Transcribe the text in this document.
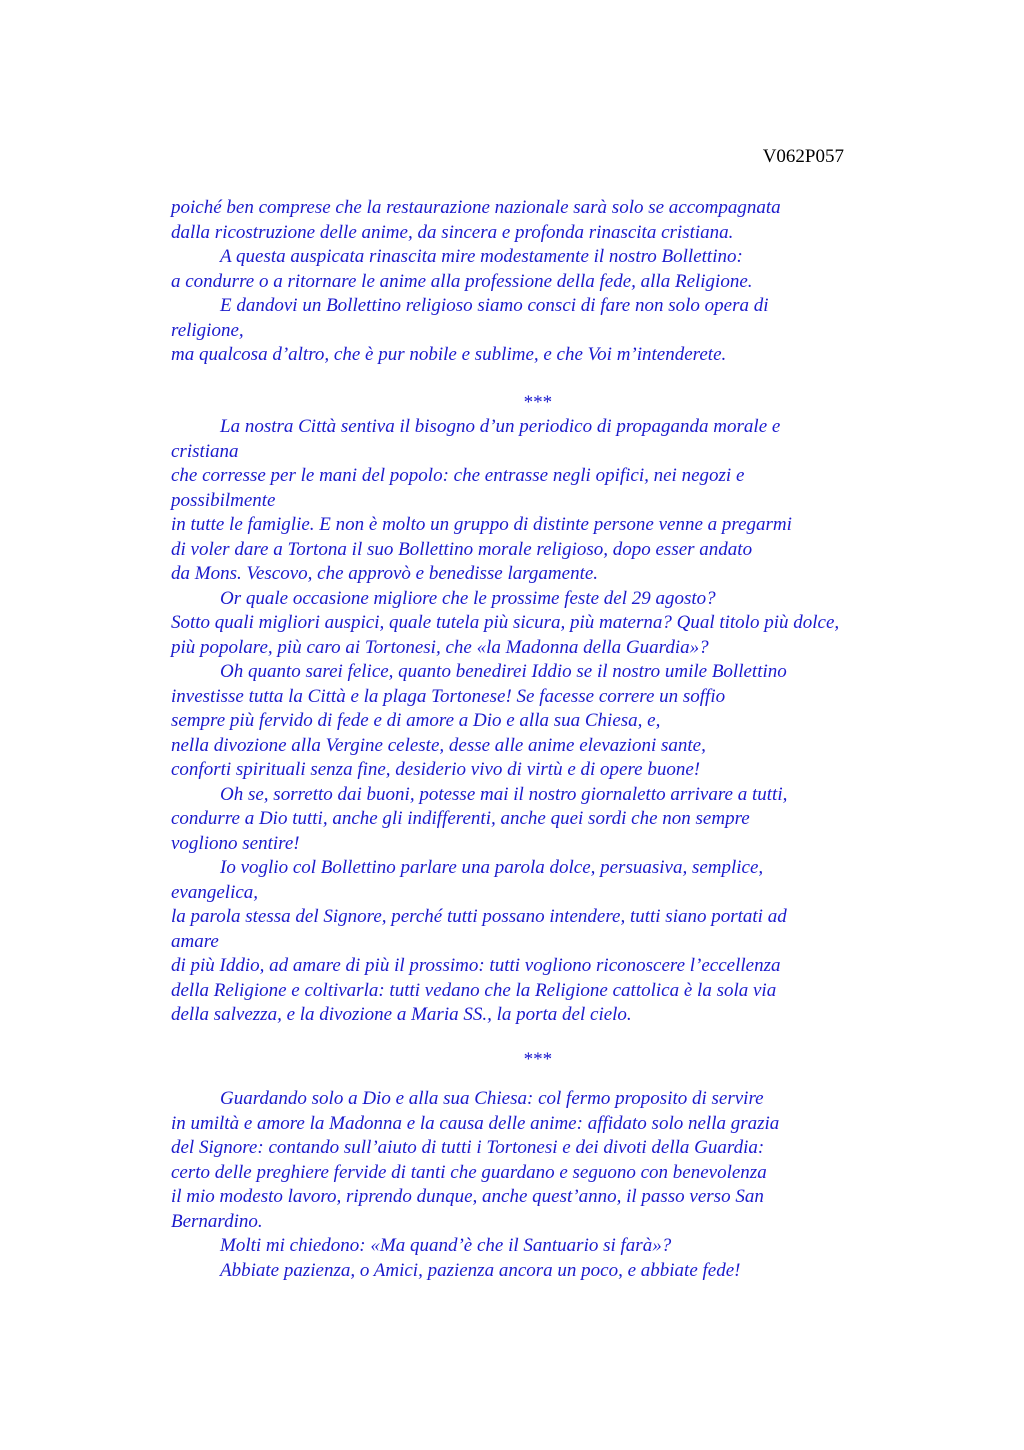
V062P057
poiché ben comprese che la restaurazione nazionale sarà solo se accompagnata
dalla ricostruzione delle anime, da sincera e profonda rinascita cristiana.
A questa auspicata rinascita mire modestamente il nostro Bollettino:
a condurre o a ritornare le anime alla professione della fede, alla Religione.
E dandovi un Bollettino religioso siamo consci di fare non solo opera di
religione,
ma qualcosa d’altro, che è pur nobile e sublime, e che Voi m’intenderete.
***
La nostra Città sentiva il bisogno d’un periodico di propaganda morale e
cristiana
che corresse per le mani del popolo: che entrasse negli opifici, nei negozi e
possibilmente
in tutte le famiglie. E non è molto un gruppo di distinte persone venne a pregarmi
di voler dare a Tortona il suo Bollettino morale religioso, dopo esser andato
da Mons. Vescovo, che approvò e benedisse largamente.
Or quale occasione migliore che le prossime feste del 29 agosto?
Sotto quali migliori auspici, quale tutela più sicura, più materna? Qual titolo più dolce,
più popolare, più caro ai Tortonesi, che «la Madonna della Guardia»?
Oh quanto sarei felice, quanto benedirei Iddio se il nostro umile Bollettino
investisse tutta la Città e la plaga Tortonese! Se facesse correre un soffio
sempre più fervido di fede e di amore a Dio e alla sua Chiesa, e,
nella divozione alla Vergine celeste, desse alle anime elevazioni sante,
conforti spirituali senza fine, desiderio vivo di virtù e di opere buone!
Oh se, sorretto dai buoni, potesse mai il nostro giornaletto arrivare a tutti,
condurre a Dio tutti, anche gli indifferenti, anche quei sordi che non sempre
vogliono sentire!
Io voglio col Bollettino parlare una parola dolce, persuasiva, semplice,
evangelica,
la parola stessa del Signore, perché tutti possano intendere, tutti siano portati ad
amare
di più Iddio, ad amare di più il prossimo: tutti vogliono riconoscere l’eccellenza
della Religione e coltivarla: tutti vedano che la Religione cattolica è la sola via
della salvezza, e la divozione a Maria SS., la porta del cielo.
***
Guardando solo a Dio e alla sua Chiesa: col fermo proposito di servire
in umiltà e amore la Madonna e la causa delle anime: affidato solo nella grazia
del Signore: contando sull’aiuto di tutti i Tortonesi e dei divoti della Guardia:
certo delle preghiere fervide di tanti che guardano e seguono con benevolenza
il mio modesto lavoro, riprendo dunque, anche quest’anno, il passo verso San
Bernardino.
Molti mi chiedono: «Ma quand’è che il Santuario si farà»?
Abbiate pazienza, o Amici, pazienza ancora un poco, e abbiate fede!
